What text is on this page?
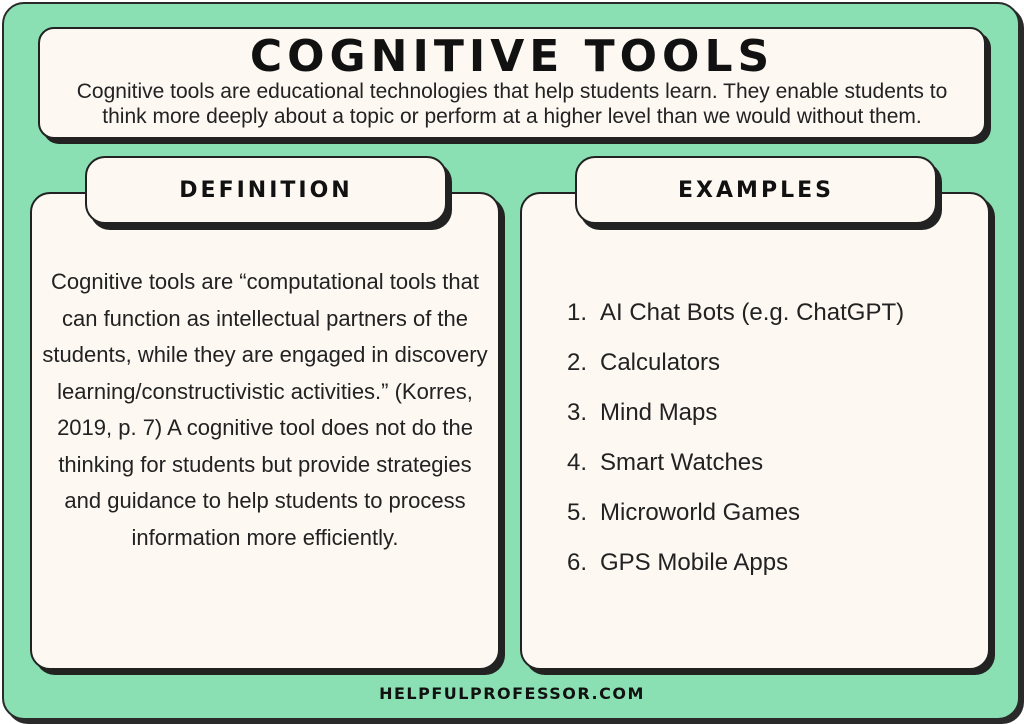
COGNITIVE TOOLS
Cognitive tools are educational technologies that help students learn. They enable students to think more deeply about a topic or perform at a higher level than we would without them.
Cognitive tools are “computational tools that can function as intellectual partners of the students, while they are engaged in discovery learning/constructivistic activities.” (Korres, 2019, p. 7) A cognitive tool does not do the thinking for students but provide strategies and guidance to help students to process information more efficiently.
DEFINITION
1. AI Chat Bots (e.g. ChatGPT)
2. Calculators
3. Mind Maps
4. Smart Watches
5. Microworld Games
6. GPS Mobile Apps
EXAMPLES
HELPFULPROFESSOR.COM
